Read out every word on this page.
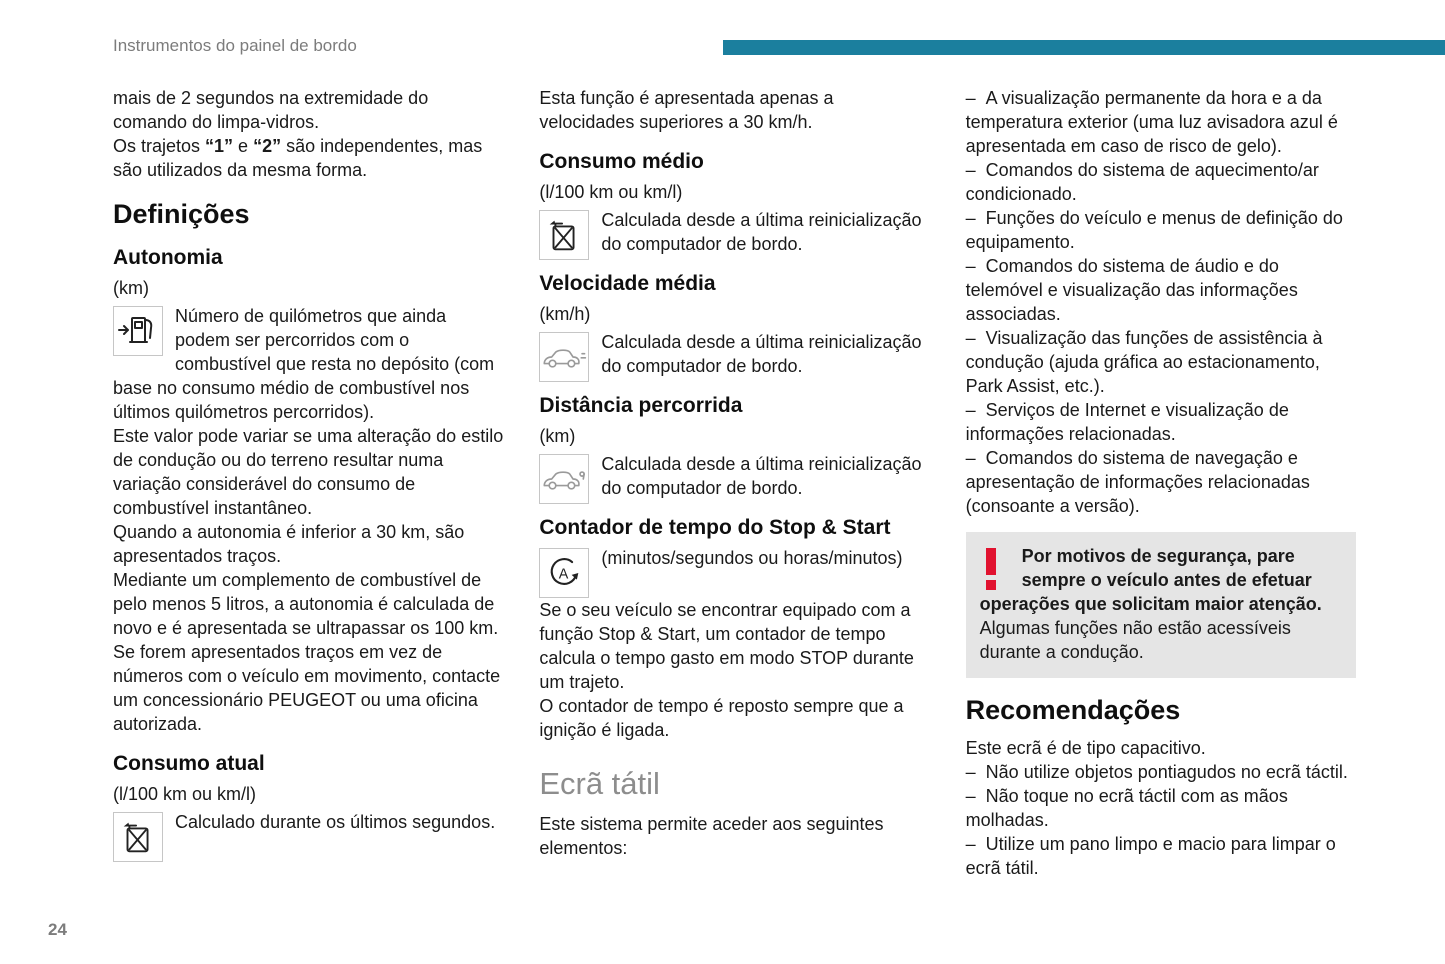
Instrumentos do painel de bordo

mais de 2 segundos na extremidade do comando do limpa-vidros.

Os trajetos “1” e “2” são independentes, mas são utilizados da mesma forma.

Definições
Autonomia

(km)

Número de quilómetros que ainda podem ser percorridos com o combustível que resta no depósito (com base no consumo médio de combustível nos últimos quilómetros percorridos).

Este valor pode variar se uma alteração do estilo de condução ou do terreno resultar numa variação considerável do consumo de combustível instantâneo.

Quando a autonomia é inferior a 30 km, são apresentados traços.

Mediante um complemento de combustível de pelo menos 5 litros, a autonomia é calculada de novo e é apresentada se ultrapassar os 100 km.

Se forem apresentados traços em vez de números com o veículo em movimento, contacte um concessionário PEUGEOT ou uma oficina autorizada.

Consumo atual

(l/100 km ou km/l)

Calculado durante os últimos segundos.

Esta função é apresentada apenas a velocidades superiores a 30 km/h.

Consumo médio

(l/100 km ou km/l)

Calculada desde a última reinicialização do computador de bordo.

Velocidade média

(km/h)

Calculada desde a última reinicialização do computador de bordo.

Distância percorrida

(km)

Calculada desde a última reinicialização do computador de bordo.

Contador de tempo do Stop & Start
A

(minutos/segundos ou horas/minutos)

Se o seu veículo se encontrar equipado com a função Stop & Start, um contador de tempo calcula o tempo gasto em modo STOP durante um trajeto.

O contador de tempo é reposto sempre que a ignição é ligada.

Ecrã tátil

Este sistema permite aceder aos seguintes elementos:

–  A visualização permanente da hora e a da temperatura exterior (uma luz avisadora azul é apresentada em caso de risco de gelo).

–  Comandos do sistema de aquecimento/ar condicionado.

–  Funções do veículo e menus de definição do equipamento.

–  Comandos do sistema de áudio e do telemóvel e visualização das informações associadas.

–  Visualização das funções de assistência à condução (ajuda gráfica ao estacionamento, Park Assist, etc.).

–  Serviços de Internet e visualização de informações relacionadas.

–  Comandos do sistema de navegação e apresentação de informações relacionadas (consoante a versão).

Por motivos de segurança, pare sempre o veículo antes de efetuar operações que solicitam maior atenção. Algumas funções não estão acessíveis durante a condução.

Recomendações

Este ecrã é de tipo capacitivo.

–  Não utilize objetos pontiagudos no ecrã táctil.

–  Não toque no ecrã táctil com as mãos molhadas.

–  Utilize um pano limpo e macio para limpar o ecrã tátil.

24
